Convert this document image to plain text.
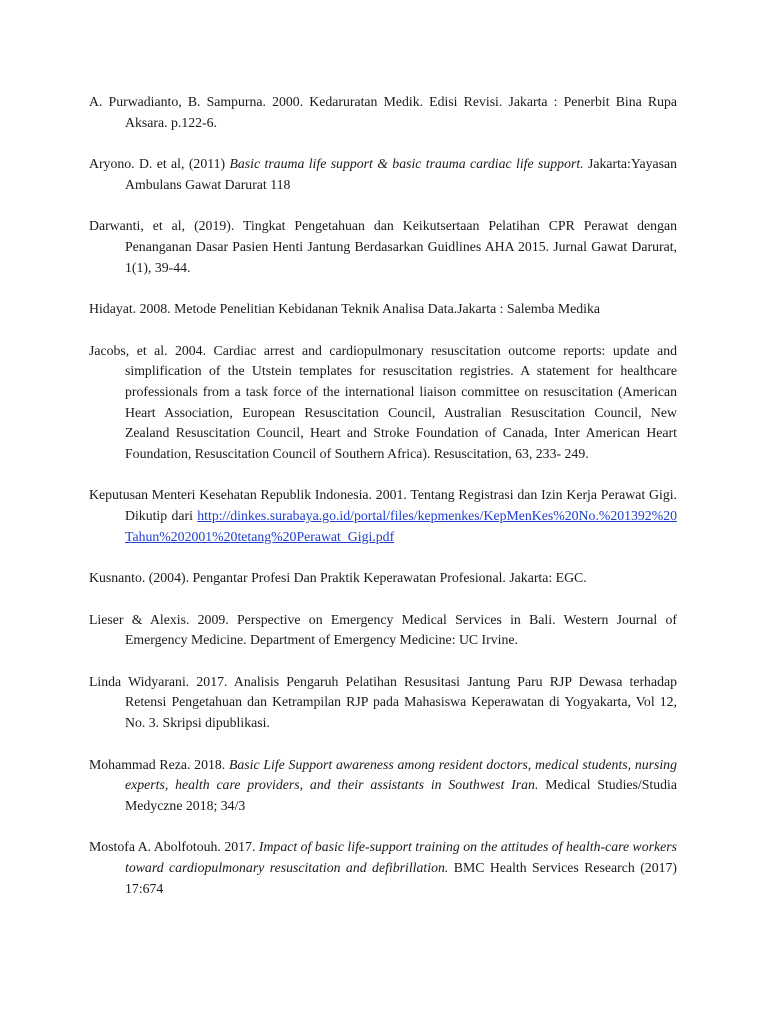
A. Purwadianto, B. Sampurna. 2000. Kedaruratan Medik. Edisi Revisi. Jakarta : Penerbit Bina Rupa Aksara. p.122-6.
Aryono. D. et al, (2011) Basic trauma life support & basic trauma cardiac life support. Jakarta:Yayasan Ambulans Gawat Darurat 118
Darwanti, et al, (2019). Tingkat Pengetahuan dan Keikutsertaan Pelatihan CPR Perawat dengan Penanganan Dasar Pasien Henti Jantung Berdasarkan Guidlines AHA 2015. Jurnal Gawat Darurat, 1(1), 39-44.
Hidayat. 2008. Metode Penelitian Kebidanan Teknik Analisa Data.Jakarta : Salemba Medika
Jacobs, et al. 2004. Cardiac arrest and cardiopulmonary resuscitation outcome reports: update and simplification of the Utstein templates for resuscitation registries. A statement for healthcare professionals from a task force of the international liaison committee on resuscitation (American Heart Association, European Resuscitation Council, Australian Resuscitation Council, New Zealand Resuscitation Council, Heart and Stroke Foundation of Canada, Inter American Heart Foundation, Resuscitation Council of Southern Africa). Resuscitation, 63, 233- 249.
Keputusan Menteri Kesehatan Republik Indonesia. 2001. Tentang Registrasi dan Izin Kerja Perawat Gigi. Dikutip dari http://dinkes.surabaya.go.id/portal/files/kepmenkes/KepMenKes%20No.%201392%20Tahun%202001%20tetang%20Perawat_Gigi.pdf
Kusnanto. (2004). Pengantar Profesi Dan Praktik Keperawatan Profesional. Jakarta: EGC.
Lieser & Alexis. 2009. Perspective on Emergency Medical Services in Bali. Western Journal of Emergency Medicine. Department of Emergency Medicine: UC Irvine.
Linda Widyarani. 2017. Analisis Pengaruh Pelatihan Resusitasi Jantung Paru RJP Dewasa terhadap Retensi Pengetahuan dan Ketrampilan RJP pada Mahasiswa Keperawatan di Yogyakarta, Vol 12, No. 3. Skripsi dipublikasi.
Mohammad Reza. 2018. Basic Life Support awareness among resident doctors, medical students, nursing experts, health care providers, and their assistants in Southwest Iran. Medical Studies/Studia Medyczne 2018; 34/3
Mostofa A. Abolfotouh. 2017. Impact of basic life-support training on the attitudes of health-care workers toward cardiopulmonary resuscitation and defibrillation. BMC Health Services Research (2017) 17:674
